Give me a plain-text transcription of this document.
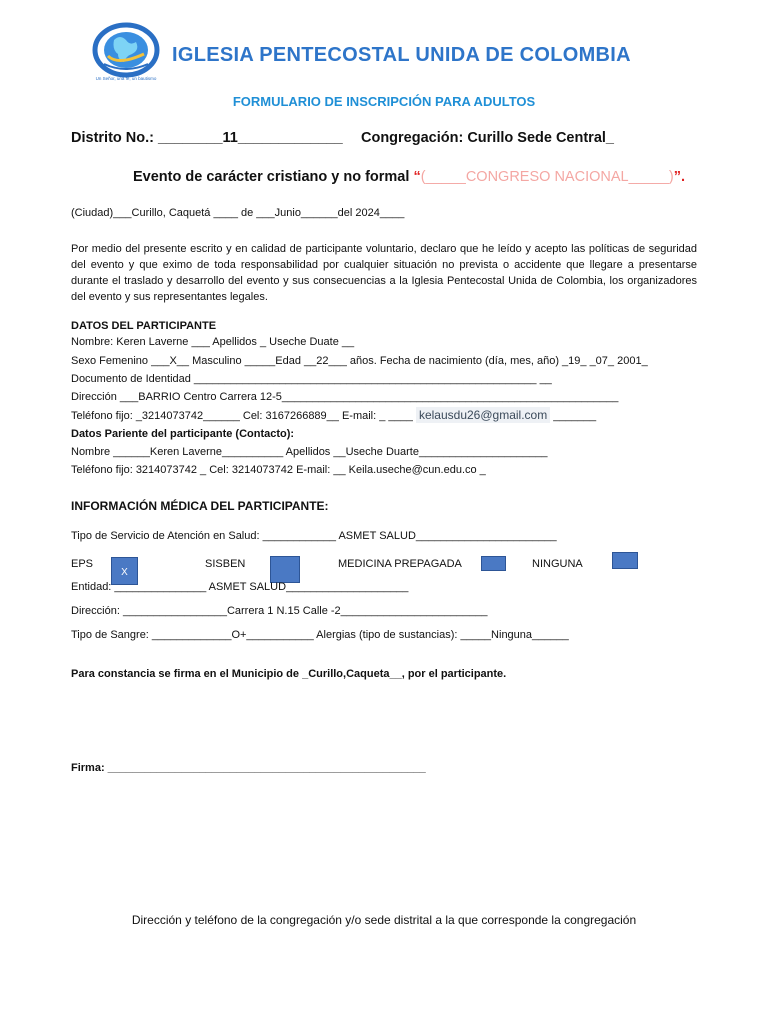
Un Señor, una fe, un bautismo
IGLESIA PENTECOSTAL UNIDA DE COLOMBIA
FORMULARIO DE INSCRIPCIÓN PARA ADULTOS
Distrito No.: ________11_____________ Congregación: Curillo Sede Central_
Evento de carácter cristiano y no formal “(_____CONGRESO NACIONAL_____)”.
(Ciudad)___Curillo, Caquetá ____ de ___Junio______del 2024____
Por medio del presente escrito y en calidad de participante voluntario, declaro que he leído y acepto las políticas de seguridad del evento y que eximo de toda responsabilidad por cualquier situación no prevista o accidente que llegare a presentarse durante el traslado y desarrollo del evento y sus consecuencias a la Iglesia Pentecostal Unida de Colombia, los organizadores del evento y sus representantes legales.
DATOS DEL PARTICIPANTE
Nombre: Keren Laverne ___ Apellidos _ Useche Duate __
Sexo Femenino ___X__ Masculino _____Edad __22___ años. Fecha de nacimiento (día, mes, año) _19_ _07_ 2001_
Documento de Identidad ________________________________________________________ __
Dirección ___BARRIO Centro Carrera 12-5_______________________________________________________
Teléfono fijo: _3214073742______ Cel: 3167266889__ E-mail: _ ____ kelausdu26@gmail.com _______
Datos Pariente del participante (Contacto):
Nombre ______Keren Laverne__________ Apellidos __Useche Duarte_____________________
Teléfono fijo: 3214073742 _ Cel: 3214073742 E-mail: __ Keila.useche@cun.edu.co _
INFORMACIÓN MÉDICA DEL PARTICIPANTE:
Tipo de Servicio de Atención en Salud: ____________ ASMET SALUD_______________________
EPS
X
SISBEN	MEDICINA PREPAGADA	NINGUNA
Entidad: _______________ ASMET SALUD____________________
Dirección: _________________Carrera 1 N.15 Calle -2________________________
Tipo de Sangre: _____________O+___________ Alergias (tipo de sustancias): _____Ninguna______
Para constancia se firma en el Municipio de _Curillo,Caqueta__, por el participante.
Firma: ____________________________________________________
Dirección y teléfono de la congregación y/o sede distrital a la que corresponde la congregación
